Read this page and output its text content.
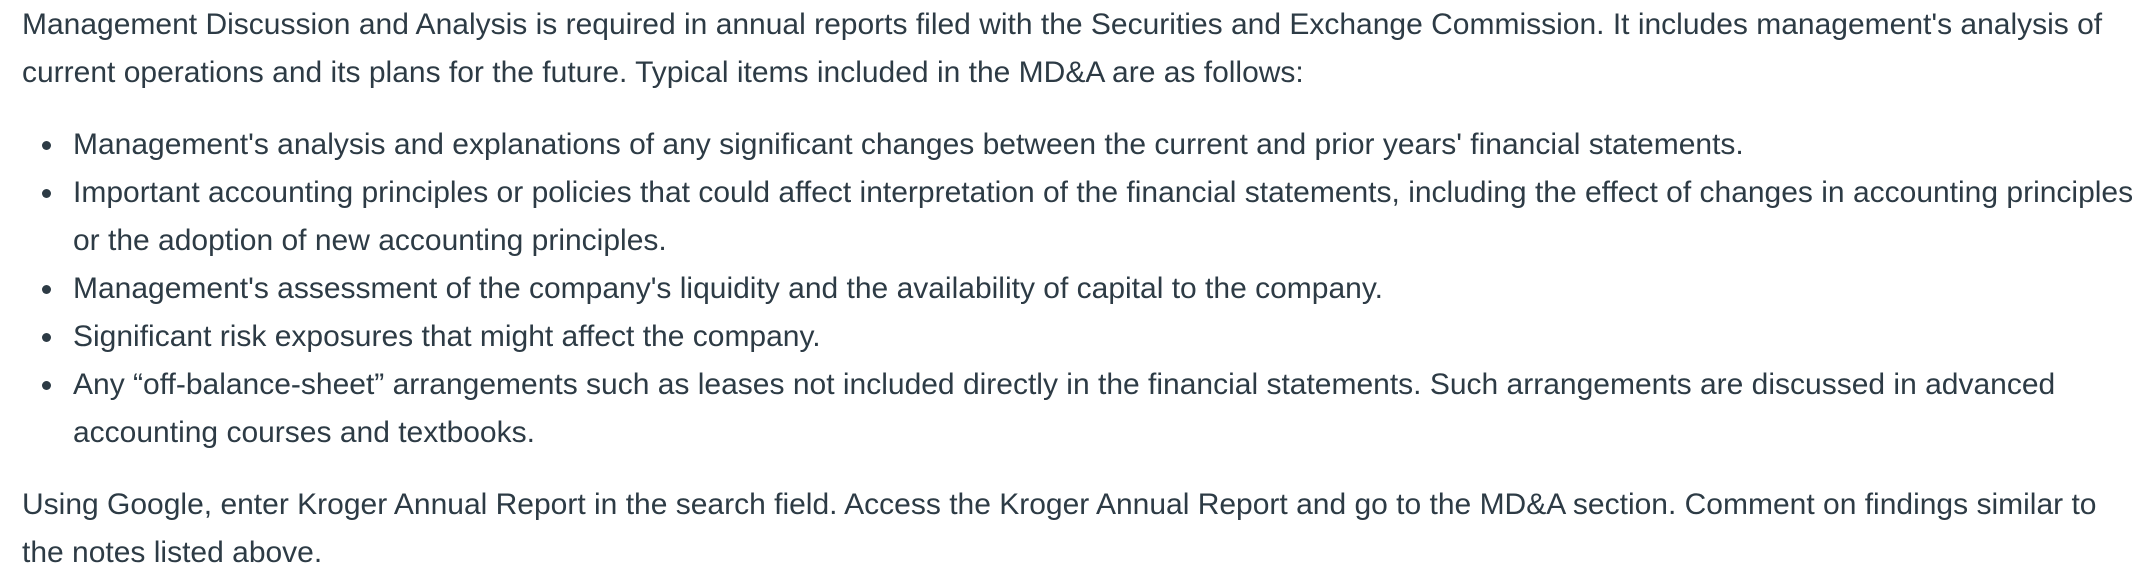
Management Discussion and Analysis is required in annual reports filed with the Securities and Exchange Commission. It includes management's analysis of current operations and its plans for the future. Typical items included in the MD&A are as follows:

Management's analysis and explanations of any significant changes between the current and prior years' financial statements.
Important accounting principles or policies that could affect interpretation of the financial statements, including the effect of changes in accounting principles or the adoption of new accounting principles.
Management's assessment of the company's liquidity and the availability of capital to the company.
Significant risk exposures that might affect the company.
Any “off-balance-sheet” arrangements such as leases not included directly in the financial statements. Such arrangements are discussed in advanced accounting courses and textbooks.

Using Google, enter Kroger Annual Report in the search field. Access the Kroger Annual Report and go to the MD&A section. Comment on findings similar to the notes listed above.
